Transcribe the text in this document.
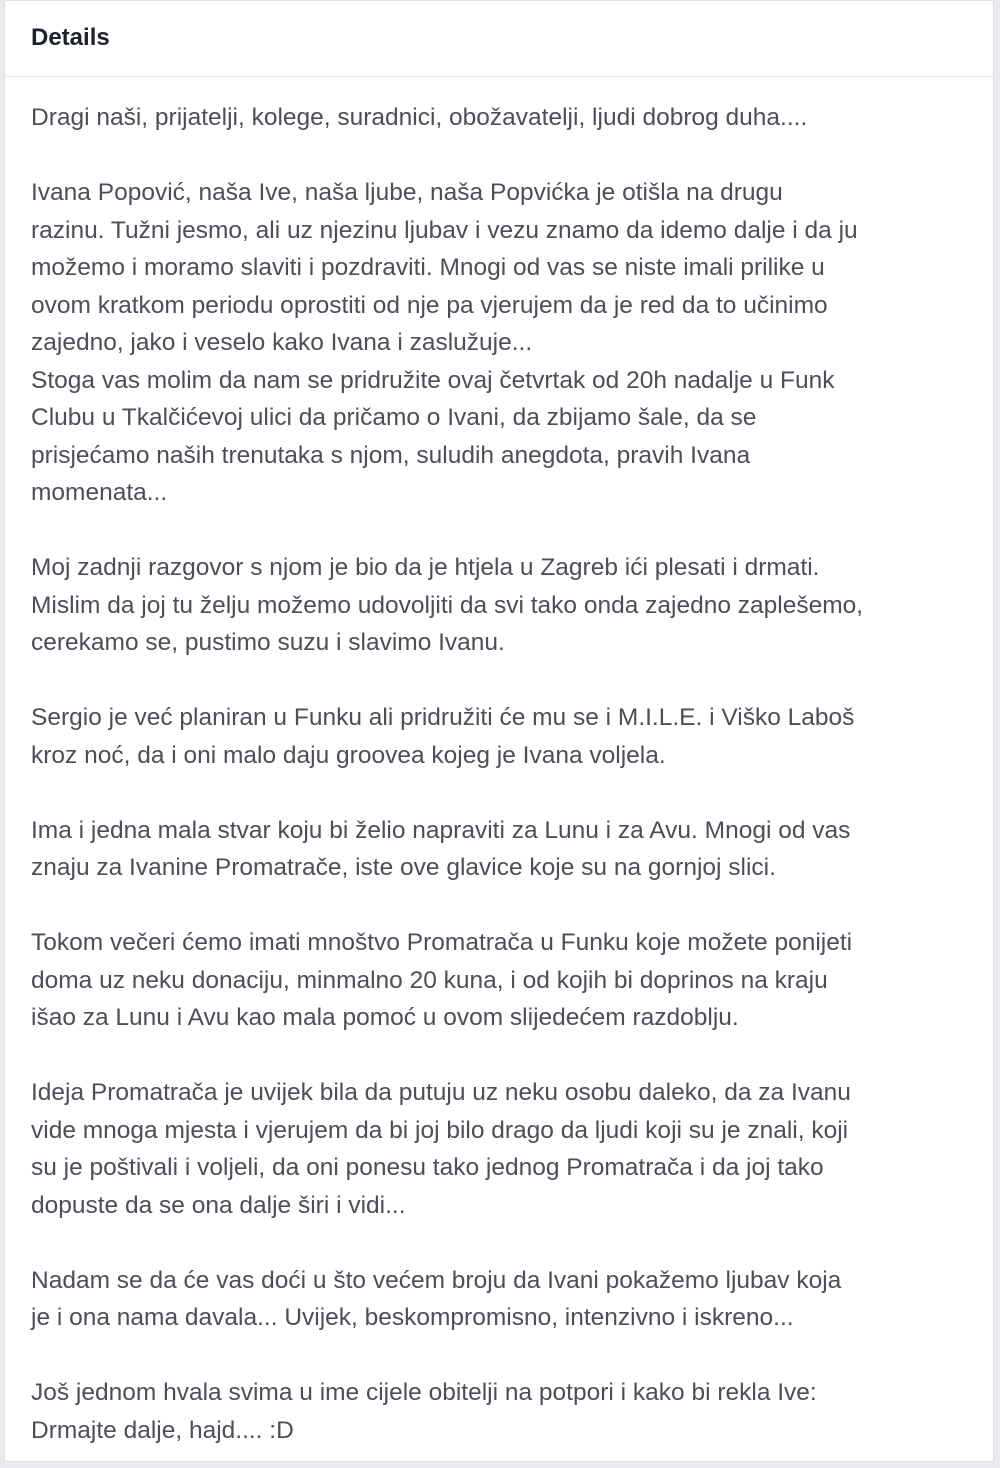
Details

Dragi naši, prijatelji, kolege, suradnici, obožavatelji, ljudi dobrog duha....

Ivana Popović, naša Ive, naša ljube, naša Popvićka je otišla na drugu
razinu. Tužni jesmo, ali uz njezinu ljubav i vezu znamo da idemo dalje i da ju
možemo i moramo slaviti i pozdraviti. Mnogi od vas se niste imali prilike u
ovom kratkom periodu oprostiti od nje pa vjerujem da je red da to učinimo
zajedno, jako i veselo kako Ivana i zaslužuje...
Stoga vas molim da nam se pridružite ovaj četvrtak od 20h nadalje u Funk
Clubu u Tkalčićevoj ulici da pričamo o Ivani, da zbijamo šale, da se
prisjećamo naših trenutaka s njom, suludih anegdota, pravih Ivana
momenata...

Moj zadnji razgovor s njom je bio da je htjela u Zagreb ići plesati i drmati.
Mislim da joj tu želju možemo udovoljiti da svi tako onda zajedno zaplešemo,
cerekamo se, pustimo suzu i slavimo Ivanu.

Sergio je već planiran u Funku ali pridružiti će mu se i M.I.L.E. i Viško Laboš
kroz noć, da i oni malo daju groovea kojeg je Ivana voljela.

Ima i jedna mala stvar koju bi želio napraviti za Lunu i za Avu. Mnogi od vas
znaju za Ivanine Promatrače, iste ove glavice koje su na gornjoj slici.

Tokom večeri ćemo imati mnoštvo Promatrača u Funku koje možete ponijeti
doma uz neku donaciju, minmalno 20 kuna, i od kojih bi doprinos na kraju
išao za Lunu i Avu kao mala pomoć u ovom slijedećem razdoblju.

Ideja Promatrača je uvijek bila da putuju uz neku osobu daleko, da za Ivanu
vide mnoga mjesta i vjerujem da bi joj bilo drago da ljudi koji su je znali, koji
su je poštivali i voljeli, da oni ponesu tako jednog Promatrača i da joj tako
dopuste da se ona dalje širi i vidi...

Nadam se da će vas doći u što većem broju da Ivani pokažemo ljubav koja
je i ona nama davala... Uvijek, beskompromisno, intenzivno i iskreno...

Još jednom hvala svima u ime cijele obitelji na potpori i kako bi rekla Ive:
Drmajte dalje, hajd.... :D
